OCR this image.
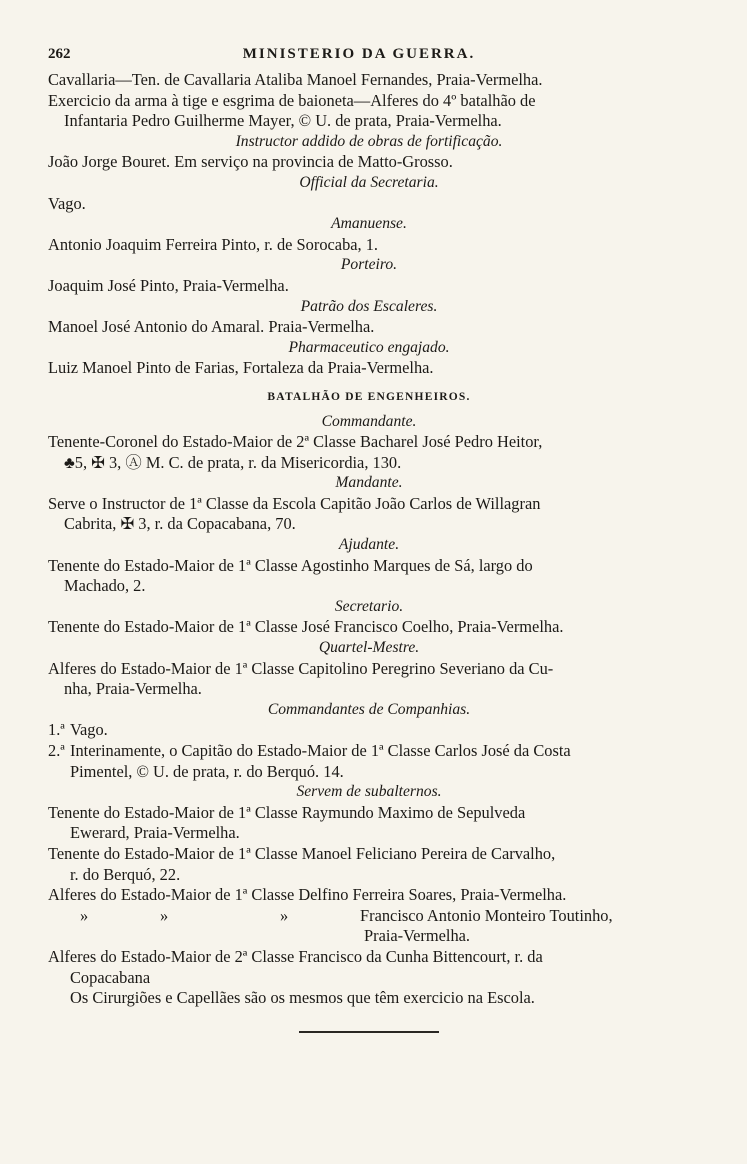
262	MINISTERIO DA GUERRA.
Cavallaria—Ten. de Cavallaria Ataliba Manoel Fernandes, Praia-Vermelha.
Exercicio da arma à tige e esgrima de baioneta—Alferes do 4º batalhão de
Infantaria Pedro Guilherme Mayer, © U. de prata, Praia-Vermelha.

Instructor addido de obras de fortificação.

João Jorge Bouret. Em serviço na provincia de Matto-Grosso.

Official da Secretaria.

Vago.

Amanuense.

Antonio Joaquim Ferreira Pinto, r. de Sorocaba, 1.

Porteiro.

Joaquim José Pinto, Praia-Vermelha.

Patrão dos Escaleres.

Manoel José Antonio do Amaral. Praia-Vermelha.

Pharmaceutico engajado.

Luiz Manoel Pinto de Farias, Fortaleza da Praia-Vermelha.
BATALHÃO DE ENGENHEIROS.

Commandante.

Tenente-Coronel do Estado-Maior de 2ª Classe Bacharel José Pedro Heitor,
♣5, ✠ 3, Ⓐ M. C. de prata, r. da Misericordia, 130.

Mandante.

Serve o Instructor de 1ª Classe da Escola Capitão João Carlos de Willagran
Cabrita, ✠ 3, r. da Copacabana, 70.

Ajudante.

Tenente do Estado-Maior de 1ª Classe Agostinho Marques de Sá, largo do
Machado, 2.

Secretario.

Tenente do Estado-Maior de 1ª Classe José Francisco Coelho, Praia-Vermelha.

Quartel-Mestre.

Alferes do Estado-Maior de 1ª Classe Capitolino Peregrino Severiano da Cu-
nha, Praia-Vermelha.

Commandantes de Companhias.

1.ª Vago.
2.ª Interinamente, o Capitão do Estado-Maior de 1ª Classe Carlos José da Costa
Pimentel, © U. de prata, r. do Berquó. 14.

Servem de subalternos.

Tenente do Estado-Maior de 1ª Classe Raymundo Maximo de Sepulveda
Ewerard, Praia-Vermelha.
Tenente do Estado-Maior de 1ª Classe Manoel Feliciano Pereira de Carvalho,
r. do Berquó, 22.
Alferes do Estado-Maior de 1ª Classe Delfino Ferreira Soares, Praia-Vermelha.
»	»	»	Francisco Antonio Monteiro Toutinho,
Praia-Vermelha.
Alferes do Estado-Maior de 2ª Classe Francisco da Cunha Bittencourt, r. da
Copacabana
Os Cirurgiões e Capellães são os mesmos que têm exercicio na Escola.
